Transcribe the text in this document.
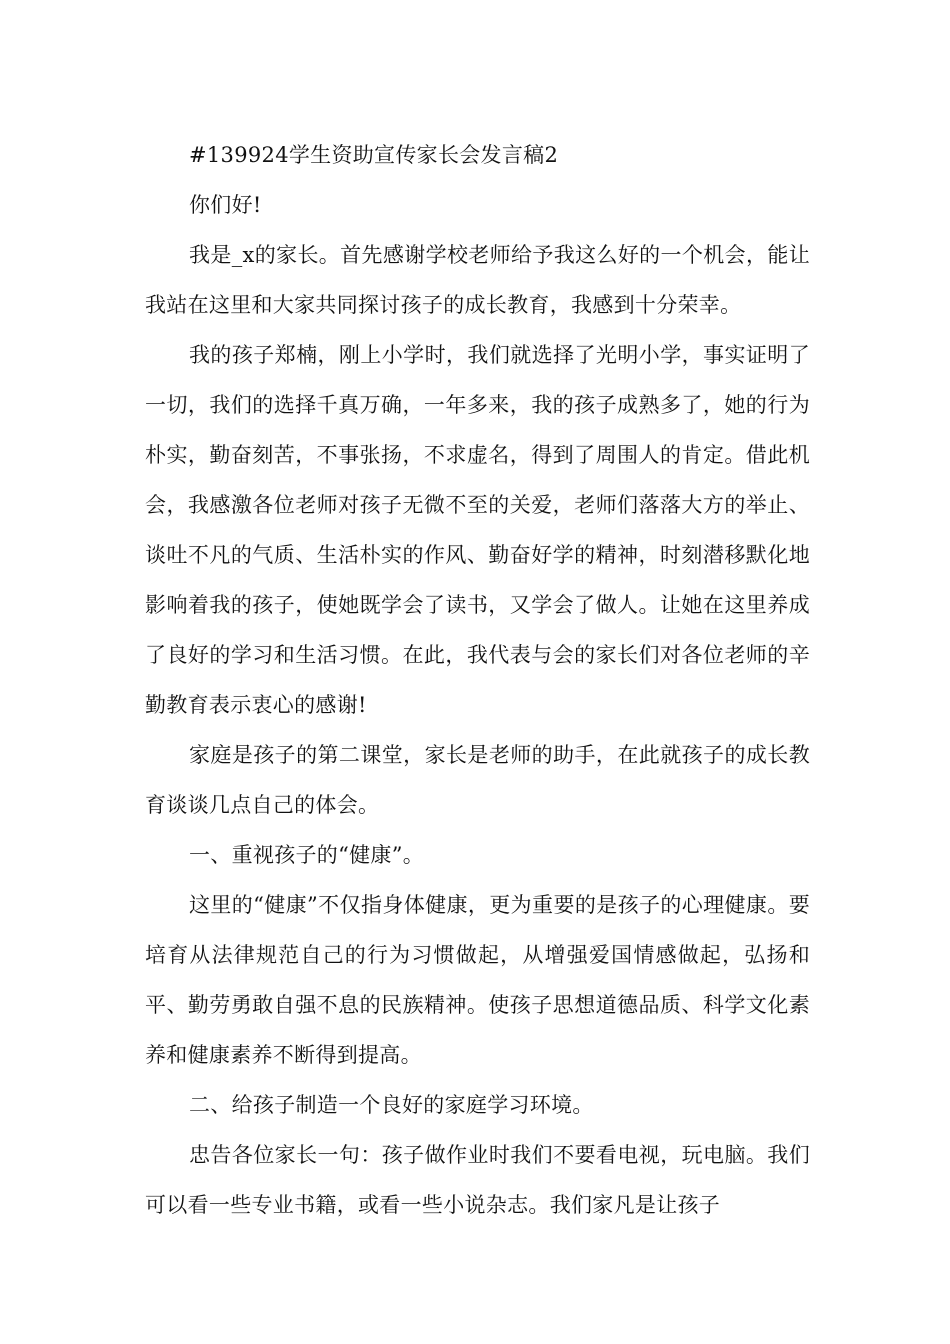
#139924学生资助宣传家长会发言稿2

你们好!

我是_x的家长。首先感谢学校老师给予我这么好的一个机会，能让我站在这里和大家共同探讨孩子的成长教育，我感到十分荣幸。

我的孩子郑楠，刚上小学时，我们就选择了光明小学，事实证明了一切，我们的选择千真万确，一年多来，我的孩子成熟多了，她的行为朴实，勤奋刻苦，不事张扬，不求虚名，得到了周围人的肯定。借此机会，我感激各位老师对孩子无微不至的关爱，老师们落落大方的举止、谈吐不凡的气质、生活朴实的作风、勤奋好学的精神，时刻潜移默化地影响着我的孩子，使她既学会了读书，又学会了做人。让她在这里养成了良好的学习和生活习惯。在此，我代表与会的家长们对各位老师的辛勤教育表示衷心的感谢!

家庭是孩子的第二课堂，家长是老师的助手，在此就孩子的成长教育谈谈几点自己的体会。

一、重视孩子的“健康”。

这里的“健康”不仅指身体健康，更为重要的是孩子的心理健康。要培育从法律规范自己的行为习惯做起，从增强爱国情感做起，弘扬和平、勤劳勇敢自强不息的民族精神。使孩子思想道德品质、科学文化素养和健康素养不断得到提高。

二、给孩子制造一个良好的家庭学习环境。

忠告各位家长一句：孩子做作业时我们不要看电视，玩电脑。我们可以看一些专业书籍，或看一些小说杂志。我们家凡是让孩子
